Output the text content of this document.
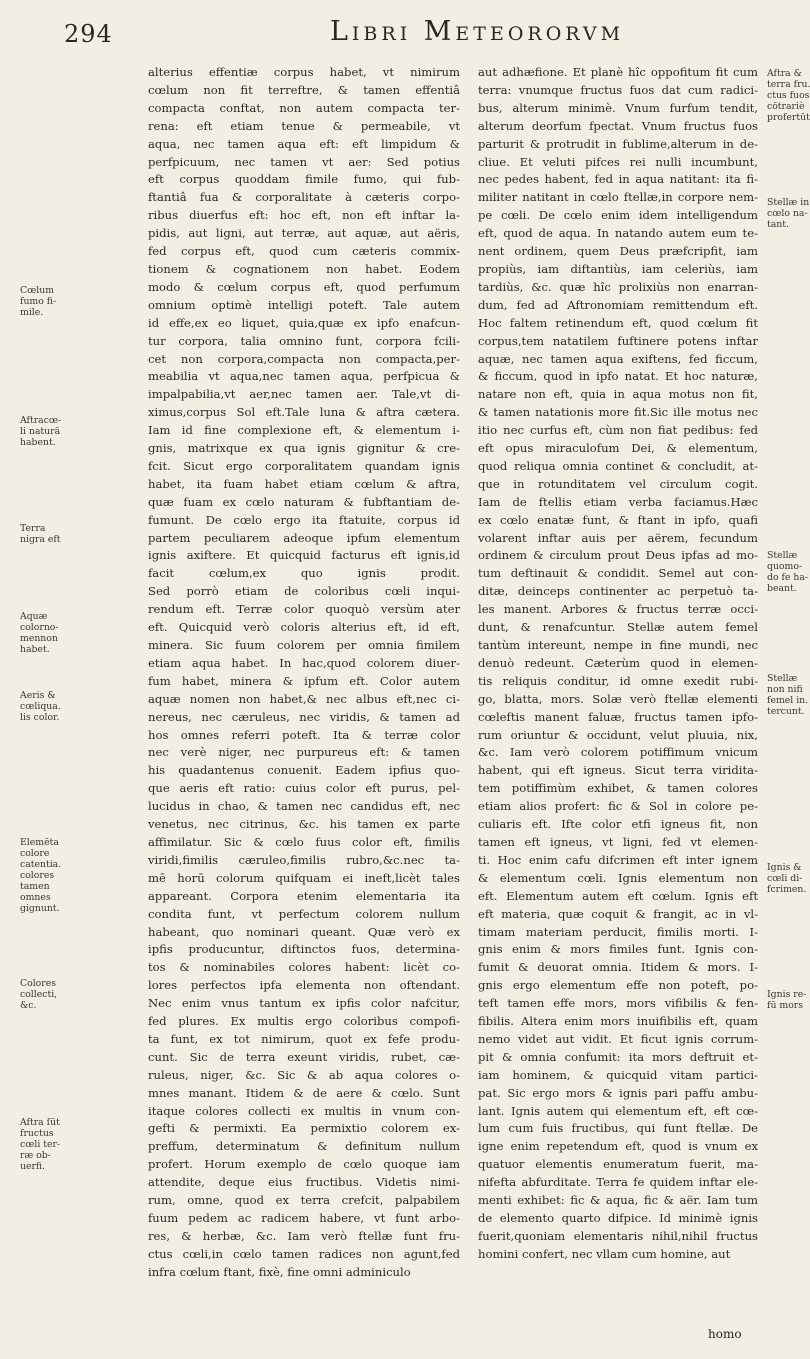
294	Libri Meteororvm
alterius effentiæ corpus habet, vt nimirum
cœlum non fit terreftre, & tamen effentiâ
compacta conftat, non autem compacta ter-
rena: eft etiam tenue & permeabile, vt
aqua, nec tamen aqua eft: eft limpidum &
perfpicuum, nec tamen vt aer: Sed potius
eft corpus quoddam fimile fumo, qui fub-
ftantiâ fua & corporalitate à cæteris corpo-
ribus diuerfus eft: hoc eft, non eft inftar la-
pidis, aut ligni, aut terræ, aut aquæ, aut aëris,
fed corpus eft, quod cum cæteris commix-
tionem & cognationem non habet. Eodem
modo & cœlum corpus eft, quod perfumum
omnium optimè intelligi poteft. Tale autem
id effe,ex eo liquet, quia,quæ ex ipfo enafcun-
tur corpora, talia omnino funt, corpora fcili-
cet non corpora,compacta non compacta,per-
meabilia vt aqua,nec tamen aqua, perfpicua &
impalpabilia,vt aer,nec tamen aer. Tale,vt di-
ximus,corpus Sol eft.Tale luna & aftra cætera.
Iam id fine complexione eft, & elementum i-
gnis, matrixque ex qua ignis gignitur & cre-
fcit. Sicut ergo corporalitatem quandam ignis
habet, ita fuam habet etiam cœlum & aftra,
quæ fuam ex cœlo naturam & fubftantiam de-
fumunt. De cœlo ergo ita ftatuite, corpus id
partem peculiarem adeoque ipfum elementum
ignis axiftere. Et quicquid facturus eft ignis,id
facit cœlum,ex quo ignis prodit.
Sed porrò etiam de coloribus cœli inqui-
rendum eft. Terræ color quoquò versùm ater
eft. Quicquid verò coloris alterius eft, id eft,
minera. Sic fuum colorem per omnia fimilem
etiam aqua habet. In hac,quod colorem diuer-
fum habet, minera & ipfum eft. Color autem
aquæ nomen non habet,& nec albus eft,nec ci-
nereus, nec cæruleus, nec viridis, & tamen ad
hos omnes referri poteft. Ita & terræ color
nec verè niger, nec purpureus eft: & tamen
his quadantenus conuenit. Eadem ipfius quo-
que aeris eft ratio: cuius color eft purus, pel-
lucidus in chao, & tamen nec candidus eft, nec
venetus, nec citrinus, &c. his tamen ex parte
affimilatur. Sic & cœlo fuus color eft, fimilis
viridi,fimilis cæruleo,fimilis rubro,&c.nec ta-
mē horū colorum quifquam ei ineft,licèt tales
appareant. Corpora etenim elementaria ita
condita funt, vt perfectum colorem nullum
habeant, quo nominari queant. Quæ verò ex
ipfis producuntur, diftinctos fuos, determina-
tos & nominabiles colores habent: licèt co-
lores perfectos ipfa elementa non oftendant.
Nec enim vnus tantum ex ipfis color nafcitur,
fed plures. Ex multis ergo coloribus compofi-
ta funt, ex tot nimirum, quot ex fefe produ-
cunt. Sic de terra exeunt viridis, rubet, cæ-
ruleus, niger, &c. Sic & ab aqua colores o-
mnes manant. Itidem & de aere & cœlo. Sunt
itaque colores collecti ex multis in vnum con-
gefti & permixti. Ea permixtio colorem ex-
preffum, determinatum & definitum nullum
profert. Horum exemplo de cœlo quoque iam
attendite, deque eius fructibus. Videtis nimi-
rum, omne, quod ex terra crefcit, palpabilem
fuum pedem ac radicem habere, vt funt arbo-
res, & herbæ, &c. Iam verò ftellæ funt fru-
ctus cœli,in cœlo tamen radices non agunt,fed
infra cœlum ftant, fixè, fine omni adminiculo
aut adhæfione. Et planè hîc oppofitum fit cum
terra: vnumque fructus fuos dat cum radici-
bus, alterum minimè. Vnum furfum tendit,
alterum deorfum fpectat. Vnum fructus fuos
parturit & protrudit in fublime,alterum in de-
cliue. Et veluti pifces rei nulli incumbunt,
nec pedes habent, fed in aqua natitant: ita fi-
militer natitant in cœlo ftellæ,in corpore nem-
pe cœli. De cœlo enim idem intelligendum
eft, quod de aqua. In natando autem eum te-
nent ordinem, quem Deus præfcripfit, iam
propiùs, iam diftantiùs, iam celeriùs, iam
tardiùs, &c. quæ hîc prolixiùs non enarran-
dum, fed ad Aftronomiam remittendum eft.
Hoc faltem retinendum eft, quod cœlum fit
corpus,tem natatilem fuftinere potens inftar
aquæ, nec tamen aqua exiftens, fed ficcum,
& ficcum, quod in ipfo natat. Et hoc naturæ,
natare non eft, quia in aqua motus non fit,
& tamen natationis more fit.Sic ille motus nec
itio nec curfus eft, cùm non fiat pedibus: fed
eft opus miraculofum Dei, & elementum,
quod reliqua omnia continet & concludit, at-
que in rotunditatem vel circulum cogit.
Iam de ftellis etiam verba faciamus.Hæc
ex cœlo enatæ funt, & ftant in ipfo, quafi
volarent inftar auis per aërem, fecundum
ordinem & circulum prout Deus ipfas ad mo-
tum deftinauit & condidit. Semel aut con-
ditæ, deinceps continenter ac perpetuò ta-
les manent. Arbores & fructus terræ occi-
dunt, & renafcuntur. Stellæ autem femel
tantùm intereunt, nempe in fine mundi, nec
denuò redeunt. Cæterùm quod in elemen-
tis reliquis conditur, id omne exedit rubi-
go, blatta, mors. Solæ verò ftellæ elementi
cœleftis manent faluæ, fructus tamen ipfo-
rum oriuntur & occidunt, velut pluuia, nix,
&c. Iam verò colorem potiffimum vnicum
habent, qui eft igneus. Sicut terra viridita-
tem potiffimùm exhibet, & tamen colores
etiam alios profert: fic & Sol in colore pe-
culiaris eft. Ifte color etfi igneus fit, non
tamen eft igneus, vt ligni, fed vt elemen-
ti. Hoc enim cafu difcrimen eft inter ignem
& elementum cœli. Ignis elementum non
eft. Elementum autem eft cœlum. Ignis eft
eft materia, quæ coquit & frangit, ac in vl-
timam materiam perducit, fimilis morti. I-
gnis enim & mors fimiles funt. Ignis con-
fumit & deuorat omnia. Itidem & mors. I-
gnis ergo elementum effe non poteft, po-
teft tamen effe mors, mors vifibilis & fen-
fibilis. Altera enim mors inuifibilis eft, quam
nemo videt aut vidit. Et ficut ignis corrum-
pit & omnia confumit: ita mors deftruit et-
iam hominem, & quicquid vitam partici-
pat. Sic ergo mors & ignis pari paffu ambu-
lant. Ignis autem qui elementum eft, eft cœ-
lum cum fuis fructibus, qui funt ftellæ. De
igne enim repetendum eft, quod is vnum ex
quatuor elementis enumeratum fuerit, ma-
nifefta abfurditate. Terra fe quidem inftar ele-
menti exhibet: fic & aqua, fic & aër. Iam tum
de elemento quarto difpice. Id minimè ignis
fuerit,quoniam elementaris nihil,nihil fructus
homini confert, nec vllam cum homine, aut
Cœlum
fumo fi-
mile.
Aftracœ-
li naturā
habent.
Terra
nigra eft
Aquæ
colorno-
mennon
habet.
Aeris &
cœliqua.
lis color.
Elemēta
colore
catentia.
colores
tamen
omnes
gignunt.
Colores
collecti,
&c.
Aftra ſūt
fructus
cœli ter-
ræ ob-
uerfi.
Aftra &
terra fru.
ctus fuos
cōtrariè
profertūt
Stellæ in
cœlo na-
tant.
Stellæ
quomo-
do fe ha-
beant.
Stellæ
non nifi
femel in.
tercunt.
Ignis &
cœli di-
fcrimen.
Ignis re-
fū mors
homo
